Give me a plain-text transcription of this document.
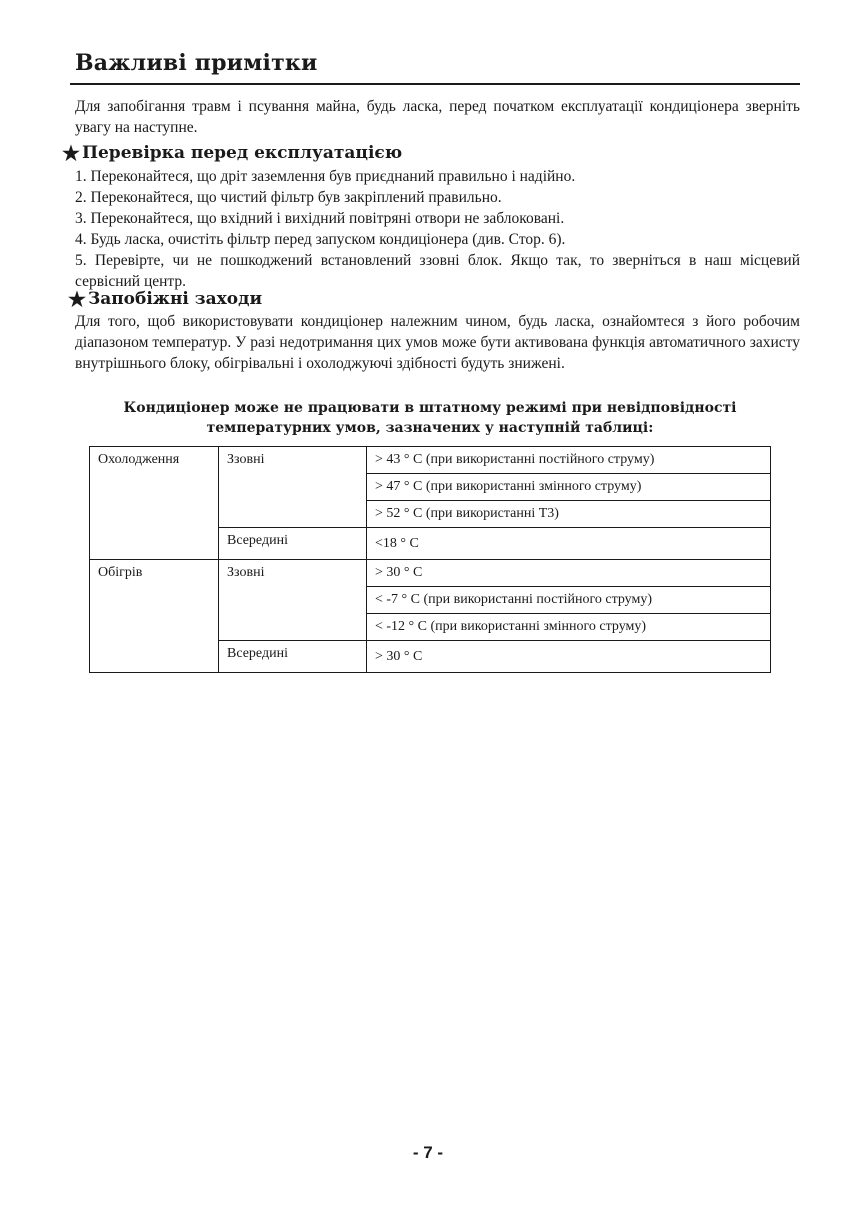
Важливі примітки
Для запобігання травм і псування майна, будь ласка, перед початком експлуатації кондиціонера зверніть увагу на наступне.
★ Перевірка перед експлуатацією
1. Переконайтеся, що дріт заземлення був приєднаний правильно і надійно.
2. Переконайтеся, що чистий фільтр був закріплений правильно.
3. Переконайтеся, що вхідний і вихідний повітряні отвори не заблоковані.
4. Будь ласка, очистіть фільтр перед запуском кондиціонера (див. Стор. 6).
5. Перевірте, чи не пошкоджений встановлений ззовні блок. Якщо так, то зверніться в наш місцевий сервісний центр.
★ Запобіжні заходи
Для того, щоб використовувати кондиціонер належним чином, будь ласка, ознайомтеся з його робочим діапазоном температур. У разі недотримання цих умов може бути активована функція автоматичного захисту внутрішнього блоку, обігрівальні і охолоджуючі здібності будуть знижені.
Кондиціонер може не працювати в штатному режимі при невідповідності
температурних умов, зазначених у наступній таблиці:
Охолодження	Ззовні	> 43 ° C (при використанні постійного струму)
		> 47 ° C (при використанні змінного струму)
		> 52 ° C (при використанні T3)
	Всередині	<18 ° C
Обігрів	Ззовні	> 30 ° C
		< -7 ° C (при використанні постійного струму)
		< -12 ° C (при використанні змінного струму)
	Всередині	> 30 ° C
- 7 -
